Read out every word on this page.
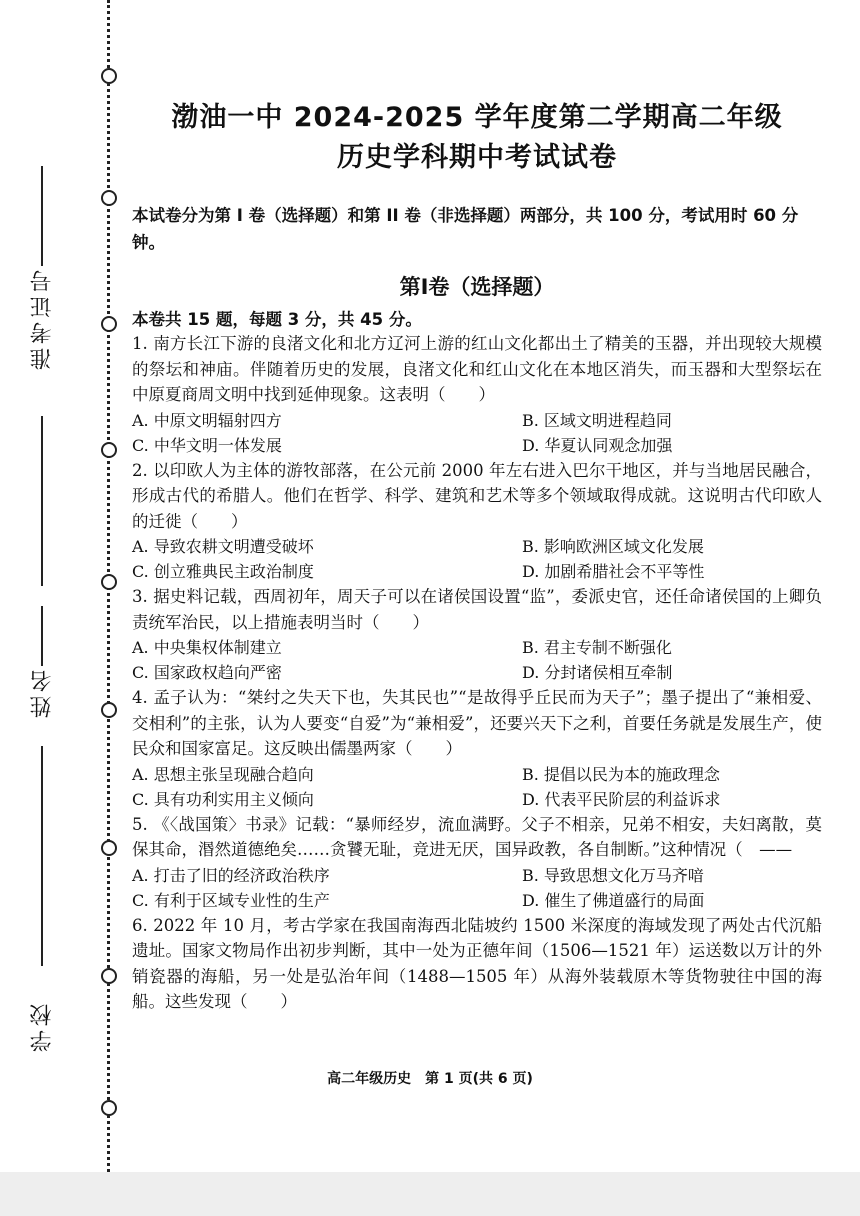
准考证号
姓名
学校
渤油一中 2024-2025 学年度第二学期高二年级
历史学科期中考试试卷

本试卷分为第 I 卷（选择题）和第 II 卷（非选择题）两部分，共 100 分，考试用时 60 分钟。

第Ⅰ卷（选择题）
本卷共 15 题，每题 3 分，共 45 分。

1. 南方长江下游的良渚文化和北方辽河上游的红山文化都出土了精美的玉器，并出现较大规模的祭坛和神庙。伴随着历史的发展，良渚文化和红山文化在本地区消失，而玉器和大型祭坛在中原夏商周文明中找到延伸现象。这表明（　　）

A. 中原文明辐射四方	B. 区域文明进程趋同
C. 中华文明一体发展	D. 华夏认同观念加强

2. 以印欧人为主体的游牧部落，在公元前 2000 年左右进入巴尔干地区，并与当地居民融合，形成古代的希腊人。他们在哲学、科学、建筑和艺术等多个领域取得成就。这说明古代印欧人的迁徙（　　）

A. 导致农耕文明遭受破坏	B. 影响欧洲区域文化发展
C. 创立雅典民主政治制度	D. 加剧希腊社会不平等性

3. 据史料记载，西周初年，周天子可以在诸侯国设置“监”，委派史官，还任命诸侯国的上卿负责统军治民，以上措施表明当时（　　）

A. 中央集权体制建立	B. 君主专制不断强化
C. 国家政权趋向严密	D. 分封诸侯相互牵制

4. 孟子认为：“桀纣之失天下也，失其民也”“是故得乎丘民而为天子”；墨子提出了“兼相爱、交相利”的主张，认为人要变“自爱”为“兼相爱”，还要兴天下之利，首要任务就是发展生产，使民众和国家富足。这反映出儒墨两家（　　）

A. 思想主张呈现融合趋向	B. 提倡以民为本的施政理念
C. 具有功利实用主义倾向	D. 代表平民阶层的利益诉求

5. 《〈战国策〉书录》记载：“暴师经岁，流血满野。父子不相亲，兄弟不相安，夫妇离散，莫保其命，湣然道德绝矣……贪饕无耻，竞进无厌，国异政教，各自制断。”这种情况（　——

A. 打击了旧的经济政治秩序	B. 导致思想文化万马齐喑
C. 有利于区域专业性的生产	D. 催生了佛道盛行的局面

6. 2022 年 10 月，考古学家在我国南海西北陆坡约 1500 米深度的海域发现了两处古代沉船遗址。国家文物局作出初步判断，其中一处为正德年间（1506—1521 年）运送数以万计的外销瓷器的海船，另一处是弘治年间（1488—1505 年）从海外装载原木等货物驶往中国的海船。这些发现（　　）

高二年级历史　第 1 页(共 6 页)
